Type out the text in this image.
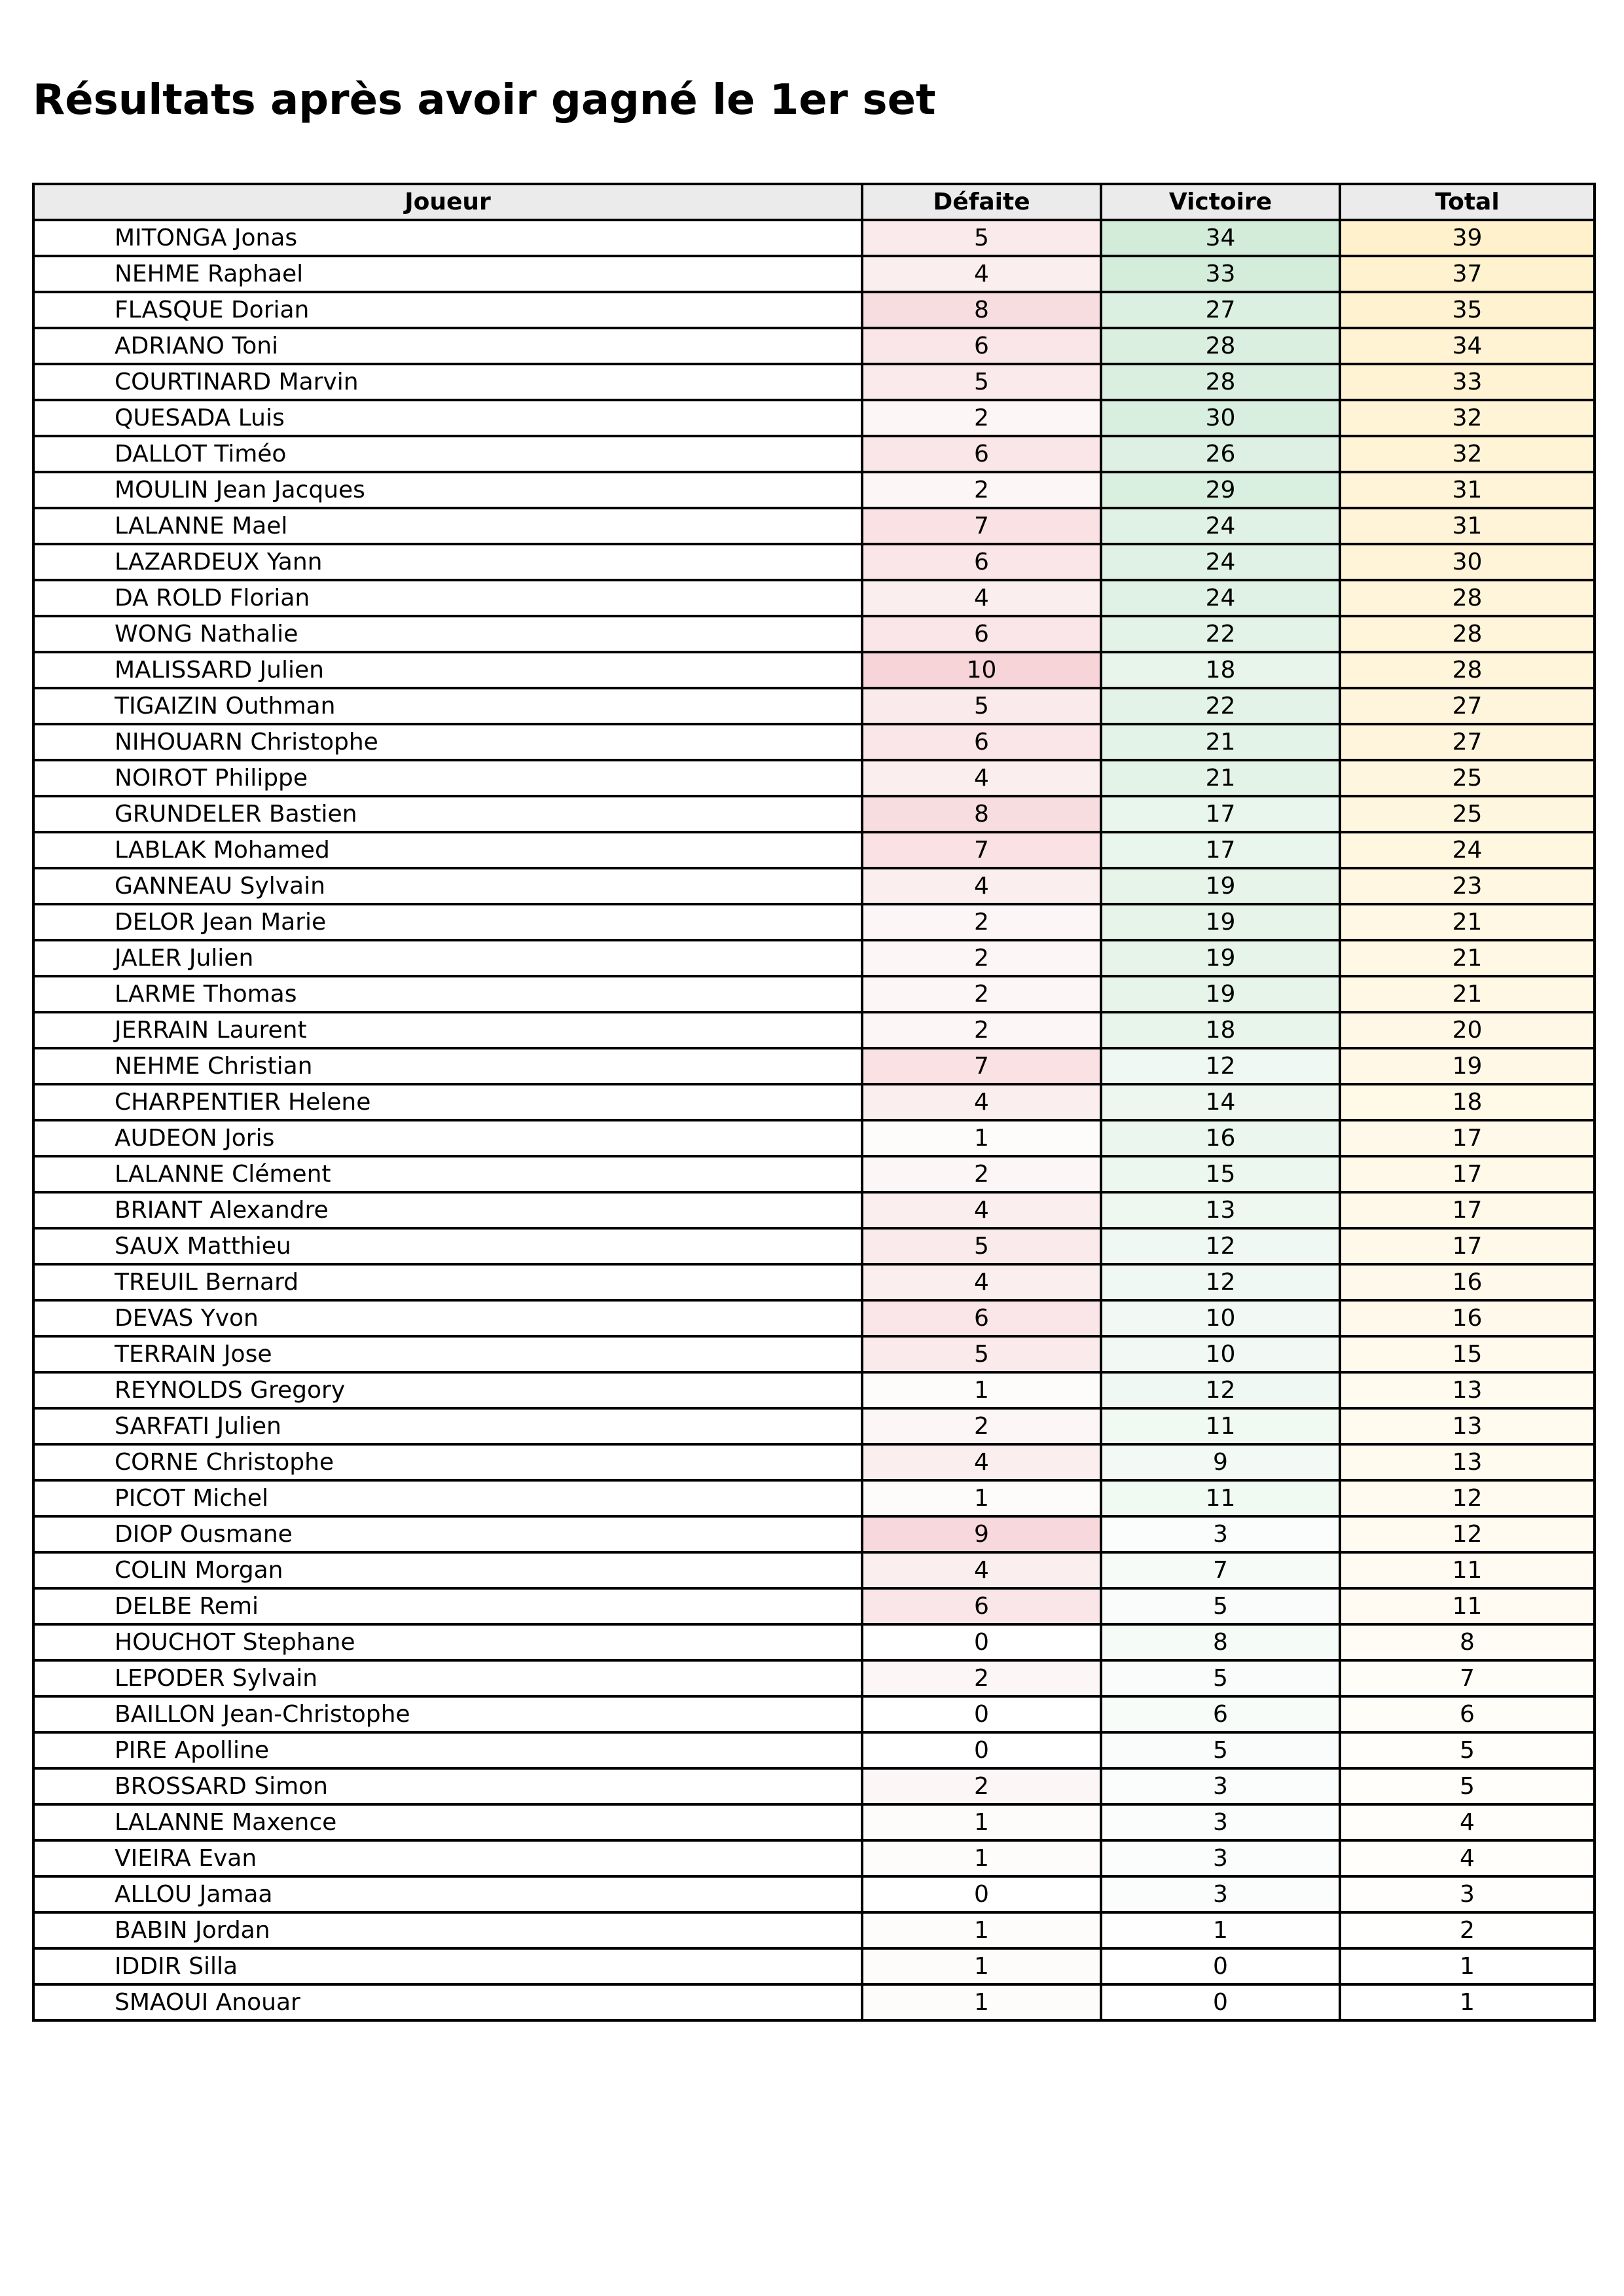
Résultats après avoir gagné le 1er set
Joueur	Défaite	Victoire	Total
MITONGA Jonas	5	34	39
NEHME Raphael	4	33	37
FLASQUE Dorian	8	27	35
ADRIANO Toni	6	28	34
COURTINARD Marvin	5	28	33
QUESADA Luis	2	30	32
DALLOT Timéo	6	26	32
MOULIN Jean Jacques	2	29	31
LALANNE Mael	7	24	31
LAZARDEUX Yann	6	24	30
DA ROLD Florian	4	24	28
WONG Nathalie	6	22	28
MALISSARD Julien	10	18	28
TIGAIZIN Outhman	5	22	27
NIHOUARN Christophe	6	21	27
NOIROT Philippe	4	21	25
GRUNDELER Bastien	8	17	25
LABLAK Mohamed	7	17	24
GANNEAU Sylvain	4	19	23
DELOR Jean Marie	2	19	21
JALER Julien	2	19	21
LARME Thomas	2	19	21
JERRAIN Laurent	2	18	20
NEHME Christian	7	12	19
CHARPENTIER Helene	4	14	18
AUDEON Joris	1	16	17
LALANNE Clément	2	15	17
BRIANT Alexandre	4	13	17
SAUX Matthieu	5	12	17
TREUIL Bernard	4	12	16
DEVAS Yvon	6	10	16
TERRAIN Jose	5	10	15
REYNOLDS Gregory	1	12	13
SARFATI Julien	2	11	13
CORNE Christophe	4	9	13
PICOT Michel	1	11	12
DIOP Ousmane	9	3	12
COLIN Morgan	4	7	11
DELBE Remi	6	5	11
HOUCHOT Stephane	0	8	8
LEPODER Sylvain	2	5	7
BAILLON Jean-Christophe	0	6	6
PIRE Apolline	0	5	5
BROSSARD Simon	2	3	5
LALANNE Maxence	1	3	4
VIEIRA Evan	1	3	4
ALLOU Jamaa	0	3	3
BABIN Jordan	1	1	2
IDDIR Silla	1	0	1
SMAOUI Anouar	1	0	1
